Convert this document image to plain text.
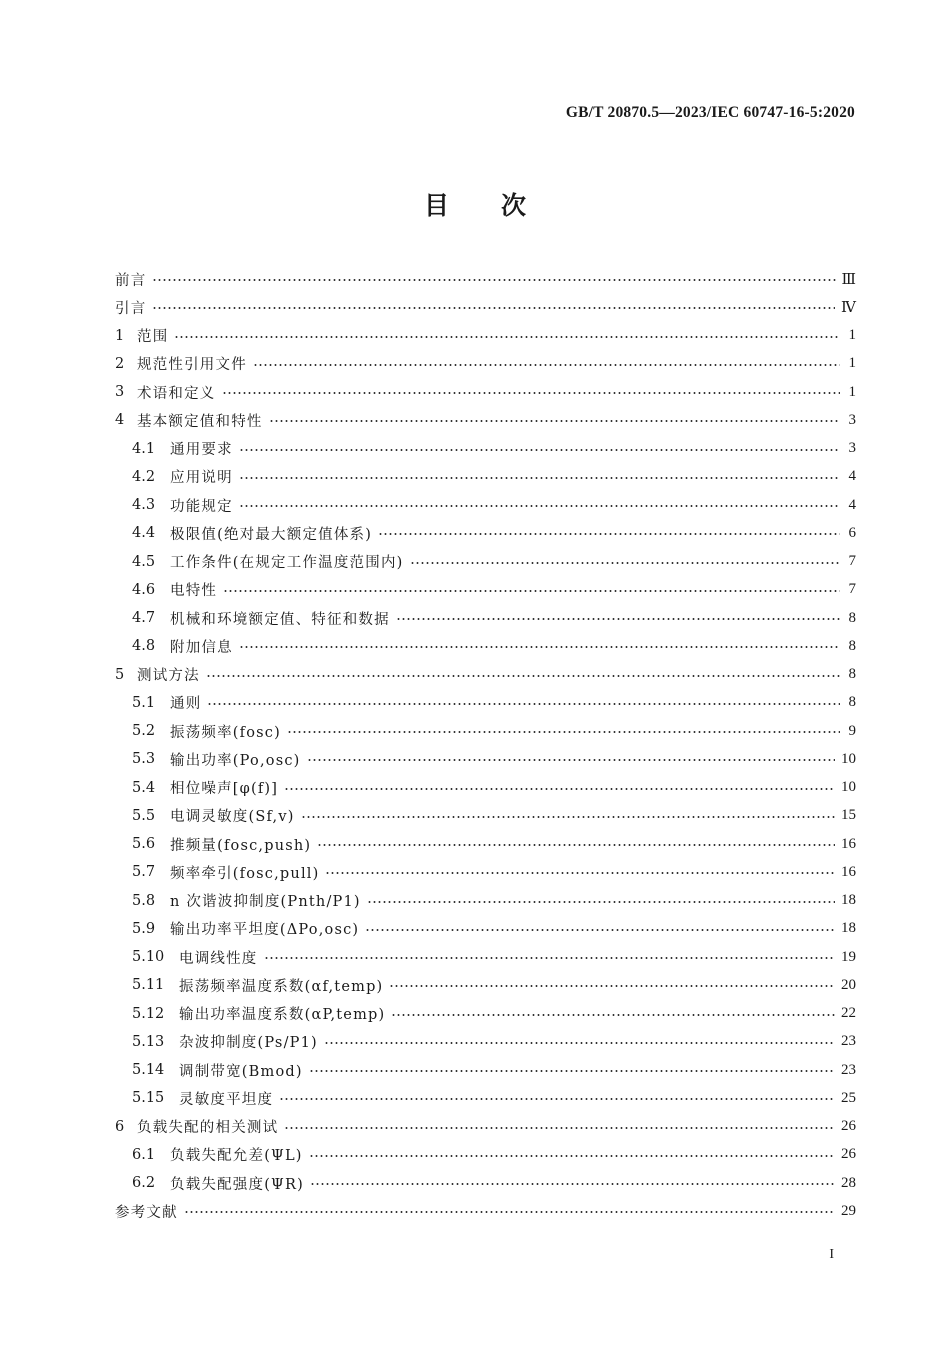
GB/T 20870.5—2023/IEC 60747-16-5:2020
目 次
前言	Ⅲ
引言	Ⅳ
1 范围	1
2 规范性引用文件	1
3 术语和定义	1
4 基本额定值和特性	3
4.1	通用要求	3
4.2	应用说明	4
4.3	功能规定	4
4.4	极限值(绝对最大额定值体系)	6
4.5	工作条件(在规定工作温度范围内)	7
4.6	电特性	7
4.7	机械和环境额定值、特征和数据	8
4.8	附加信息	8
5 测试方法	8
5.1	通则	8
5.2	振荡频率(fosc)	9
5.3	输出功率(Po,osc)	10
5.4	相位噪声[φ(f)]	10
5.5	电调灵敏度(Sf,v)	15
5.6	推频量(fosc,push)	16
5.7	频率牵引(fosc,pull)	16
5.8	n 次谐波抑制度(Pnth/P1)	18
5.9	输出功率平坦度(ΔPo,osc)	18
5.10	电调线性度	19
5.11	振荡频率温度系数(αf,temp)	20
5.12	输出功率温度系数(αP,temp)	22
5.13	杂波抑制度(Ps/P1)	23
5.14	调制带宽(Bmod)	23
5.15	灵敏度平坦度	25
6 负载失配的相关测试	26
6.1	负载失配允差(ΨL)	26
6.2	负载失配强度(ΨR)	28
参考文献	29
I
